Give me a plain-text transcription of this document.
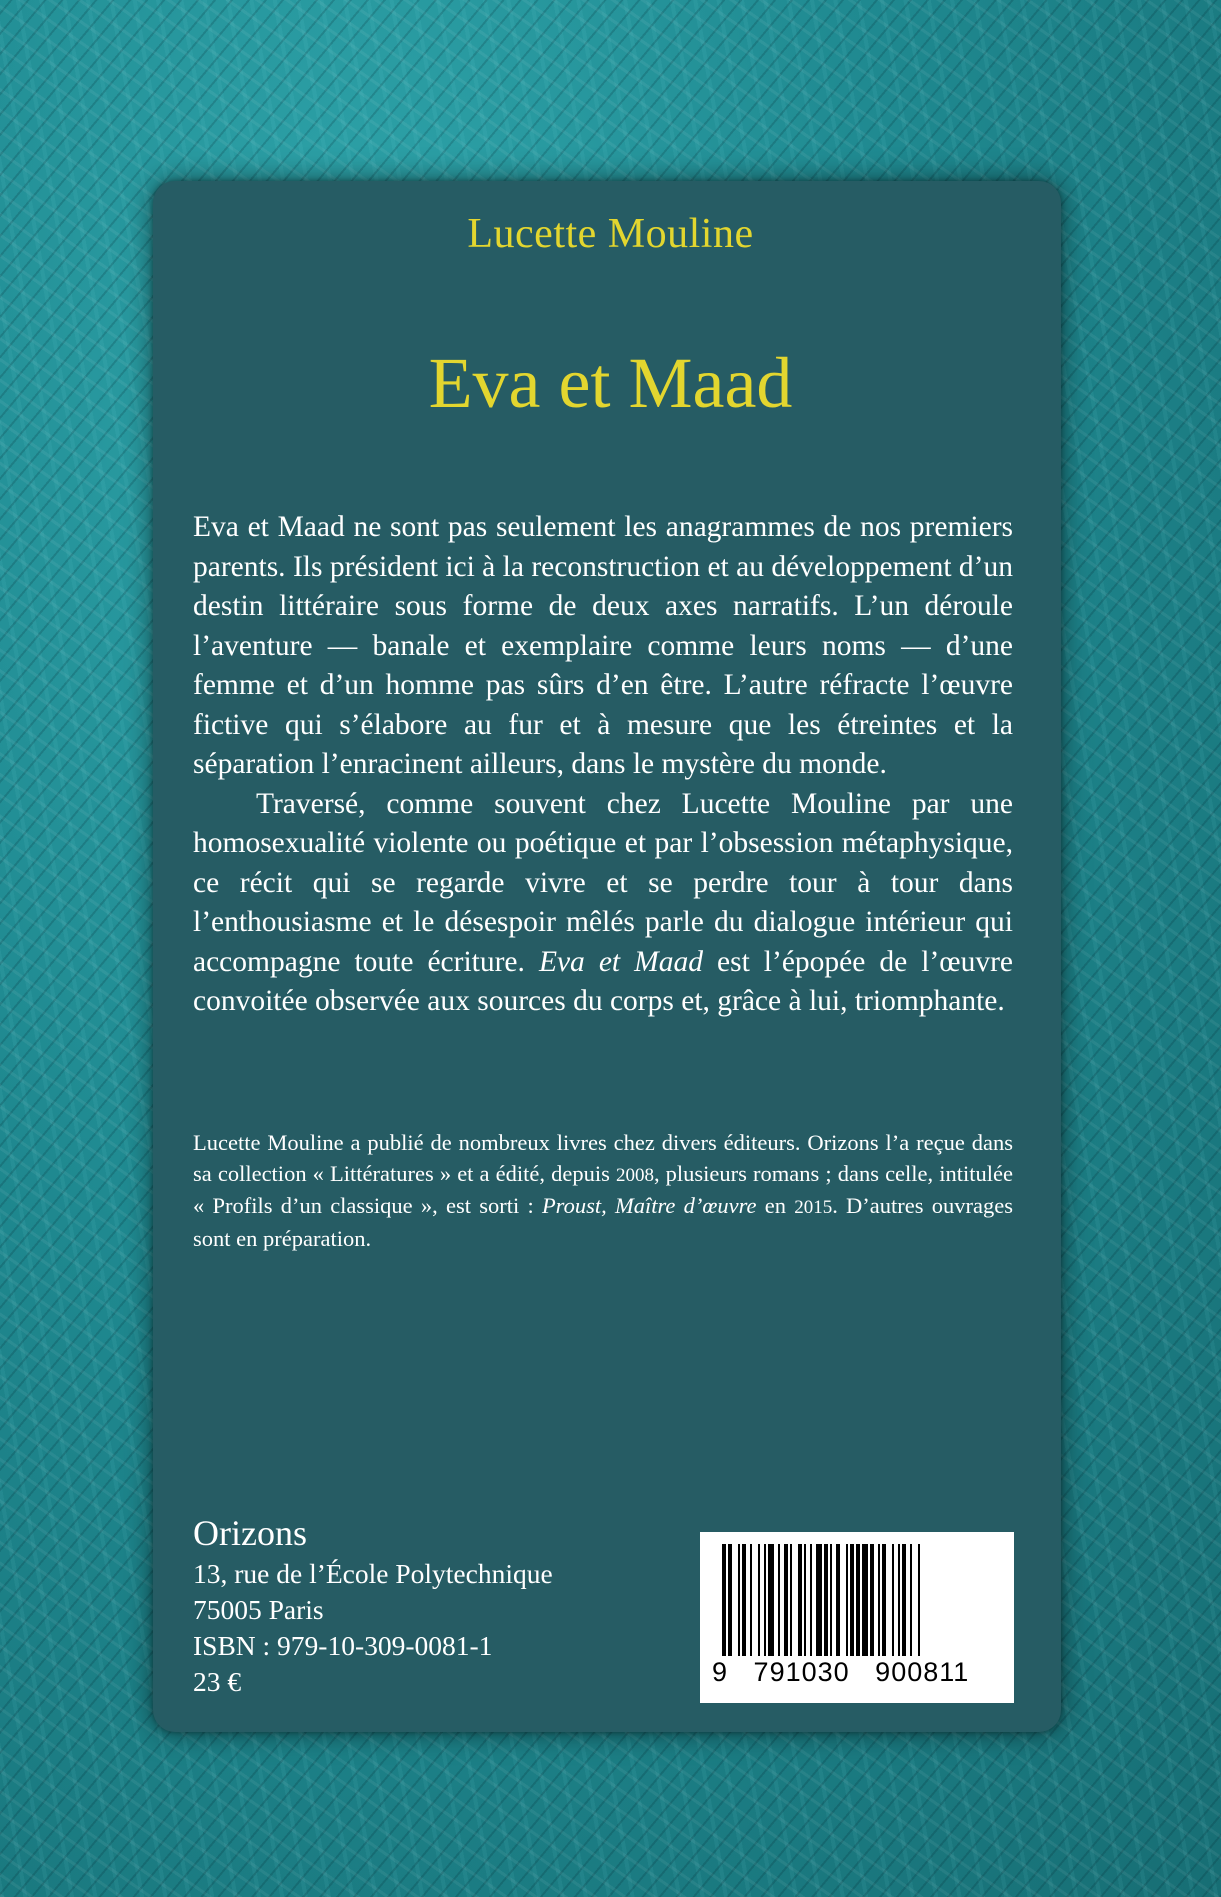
Lucette Mouline
Eva et Maad

Eva et Maad ne sont pas seulement les anagrammes de nos premiers parents. Ils président ici à la reconstruction et au développement d’un destin littéraire sous forme de deux axes narratifs. L’un déroule l’aventure — banale et exemplaire comme leurs noms — d’une femme et d’un homme pas sûrs d’en être. L’autre réfracte l’œuvre fictive qui s’élabore au fur et à mesure que les étreintes et la séparation l’enracinent ailleurs, dans le mystère du monde.

Traversé, comme souvent chez Lucette Mouline par une homosexualité violente ou poétique et par l’obsession métaphysique, ce récit qui se regarde vivre et se perdre tour à tour dans l’enthousiasme et le désespoir mêlés parle du dialogue intérieur qui accompagne toute écriture. Eva et Maad est l’épopée de l’œuvre convoitée observée aux sources du corps et, grâce à lui, triomphante.

Lucette Mouline a publié de nombreux livres chez divers éditeurs. Orizons l’a reçue dans sa collection « Littératures » et a édité, depuis 2008, plusieurs romans ; dans celle, intitulée « Profils d’un classique », est sorti : Proust, Maître d’œuvre en 2015. D’autres ouvrages sont en préparation.

Orizons
13, rue de l’École Polytechnique
75005 Paris
ISBN : 979-10-309-0081-1
23 €	9 791030 900811
